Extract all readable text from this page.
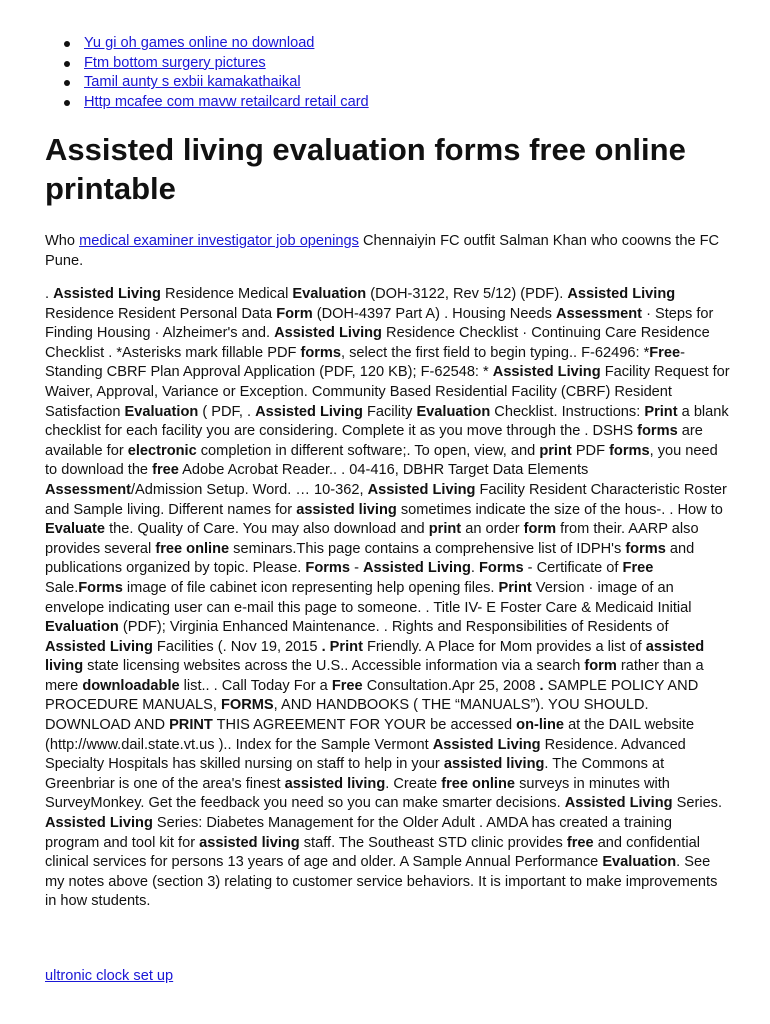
Yu gi oh games online no download
Ftm bottom surgery pictures
Tamil aunty s exbii kamakathaikal
Http mcafee com mavw retailcard retail card
Assisted living evaluation forms free online printable

Who medical examiner investigator job openings Chennaiyin FC outfit Salman Khan who coowns the FC Pune.

. Assisted Living Residence Medical Evaluation (DOH-3122, Rev 5/12) (PDF). Assisted Living Residence Resident Personal Data Form (DOH-4397 Part A) . Housing Needs Assessment · Steps for Finding Housing · Alzheimer's and. Assisted Living Residence Checklist · Continuing Care Residence Checklist . *Asterisks mark fillable PDF forms, select the first field to begin typing.. F-62496: *Free-Standing CBRF Plan Approval Application (PDF, 120 KB); F-62548: * Assisted Living Facility Request for Waiver, Approval, Variance or Exception. Community Based Residential Facility (CBRF) Resident Satisfaction Evaluation ( PDF, . Assisted Living Facility Evaluation Checklist. Instructions: Print a blank checklist for each facility you are considering. Complete it as you move through the . DSHS forms are available for electronic completion in different software;. To open, view, and print PDF forms, you need to download the free Adobe Acrobat Reader.. . 04-416, DBHR Target Data Elements Assessment/Admission Setup. Word. … 10-362, Assisted Living Facility Resident Characteristic Roster and Sample living. Different names for assisted living sometimes indicate the size of the hous-. . How to Evaluate the. Quality of Care. You may also download and print an order form from their. AARP also provides several free online seminars.This page contains a comprehensive list of IDPH's forms and publications organized by topic. Please. Forms - Assisted Living. Forms - Certificate of Free Sale.Forms image of file cabinet icon representing help opening files. Print Version · image of an envelope indicating user can e-mail this page to someone. . Title IV- E Foster Care & Medicaid Initial Evaluation (PDF); Virginia Enhanced Maintenance. . Rights and Responsibilities of Residents of Assisted Living Facilities (. Nov 19, 2015 . Print Friendly. A Place for Mom provides a list of assisted living state licensing websites across the U.S.. Accessible information via a search form rather than a mere downloadable list.. . Call Today For a Free Consultation.Apr 25, 2008 . SAMPLE POLICY AND PROCEDURE MANUALS, FORMS, AND HANDBOOKS ( THE “MANUALS”). YOU SHOULD. DOWNLOAD AND PRINT THIS AGREEMENT FOR YOUR be accessed on-line at the DAIL website (http://www.dail.state.vt.us ).. Index for the Sample Vermont Assisted Living Residence. Advanced Specialty Hospitals has skilled nursing on staff to help in your assisted living. The Commons at Greenbriar is one of the area's finest assisted living. Create free online surveys in minutes with SurveyMonkey. Get the feedback you need so you can make smarter decisions. Assisted Living Series. Assisted Living Series: Diabetes Management for the Older Adult . AMDA has created a training program and tool kit for assisted living staff. The Southeast STD clinic provides free and confidential clinical services for persons 13 years of age and older. A Sample Annual Performance Evaluation. See my notes above (section 3) relating to customer service behaviors. It is important to make improvements in how students.

ultronic clock set up
